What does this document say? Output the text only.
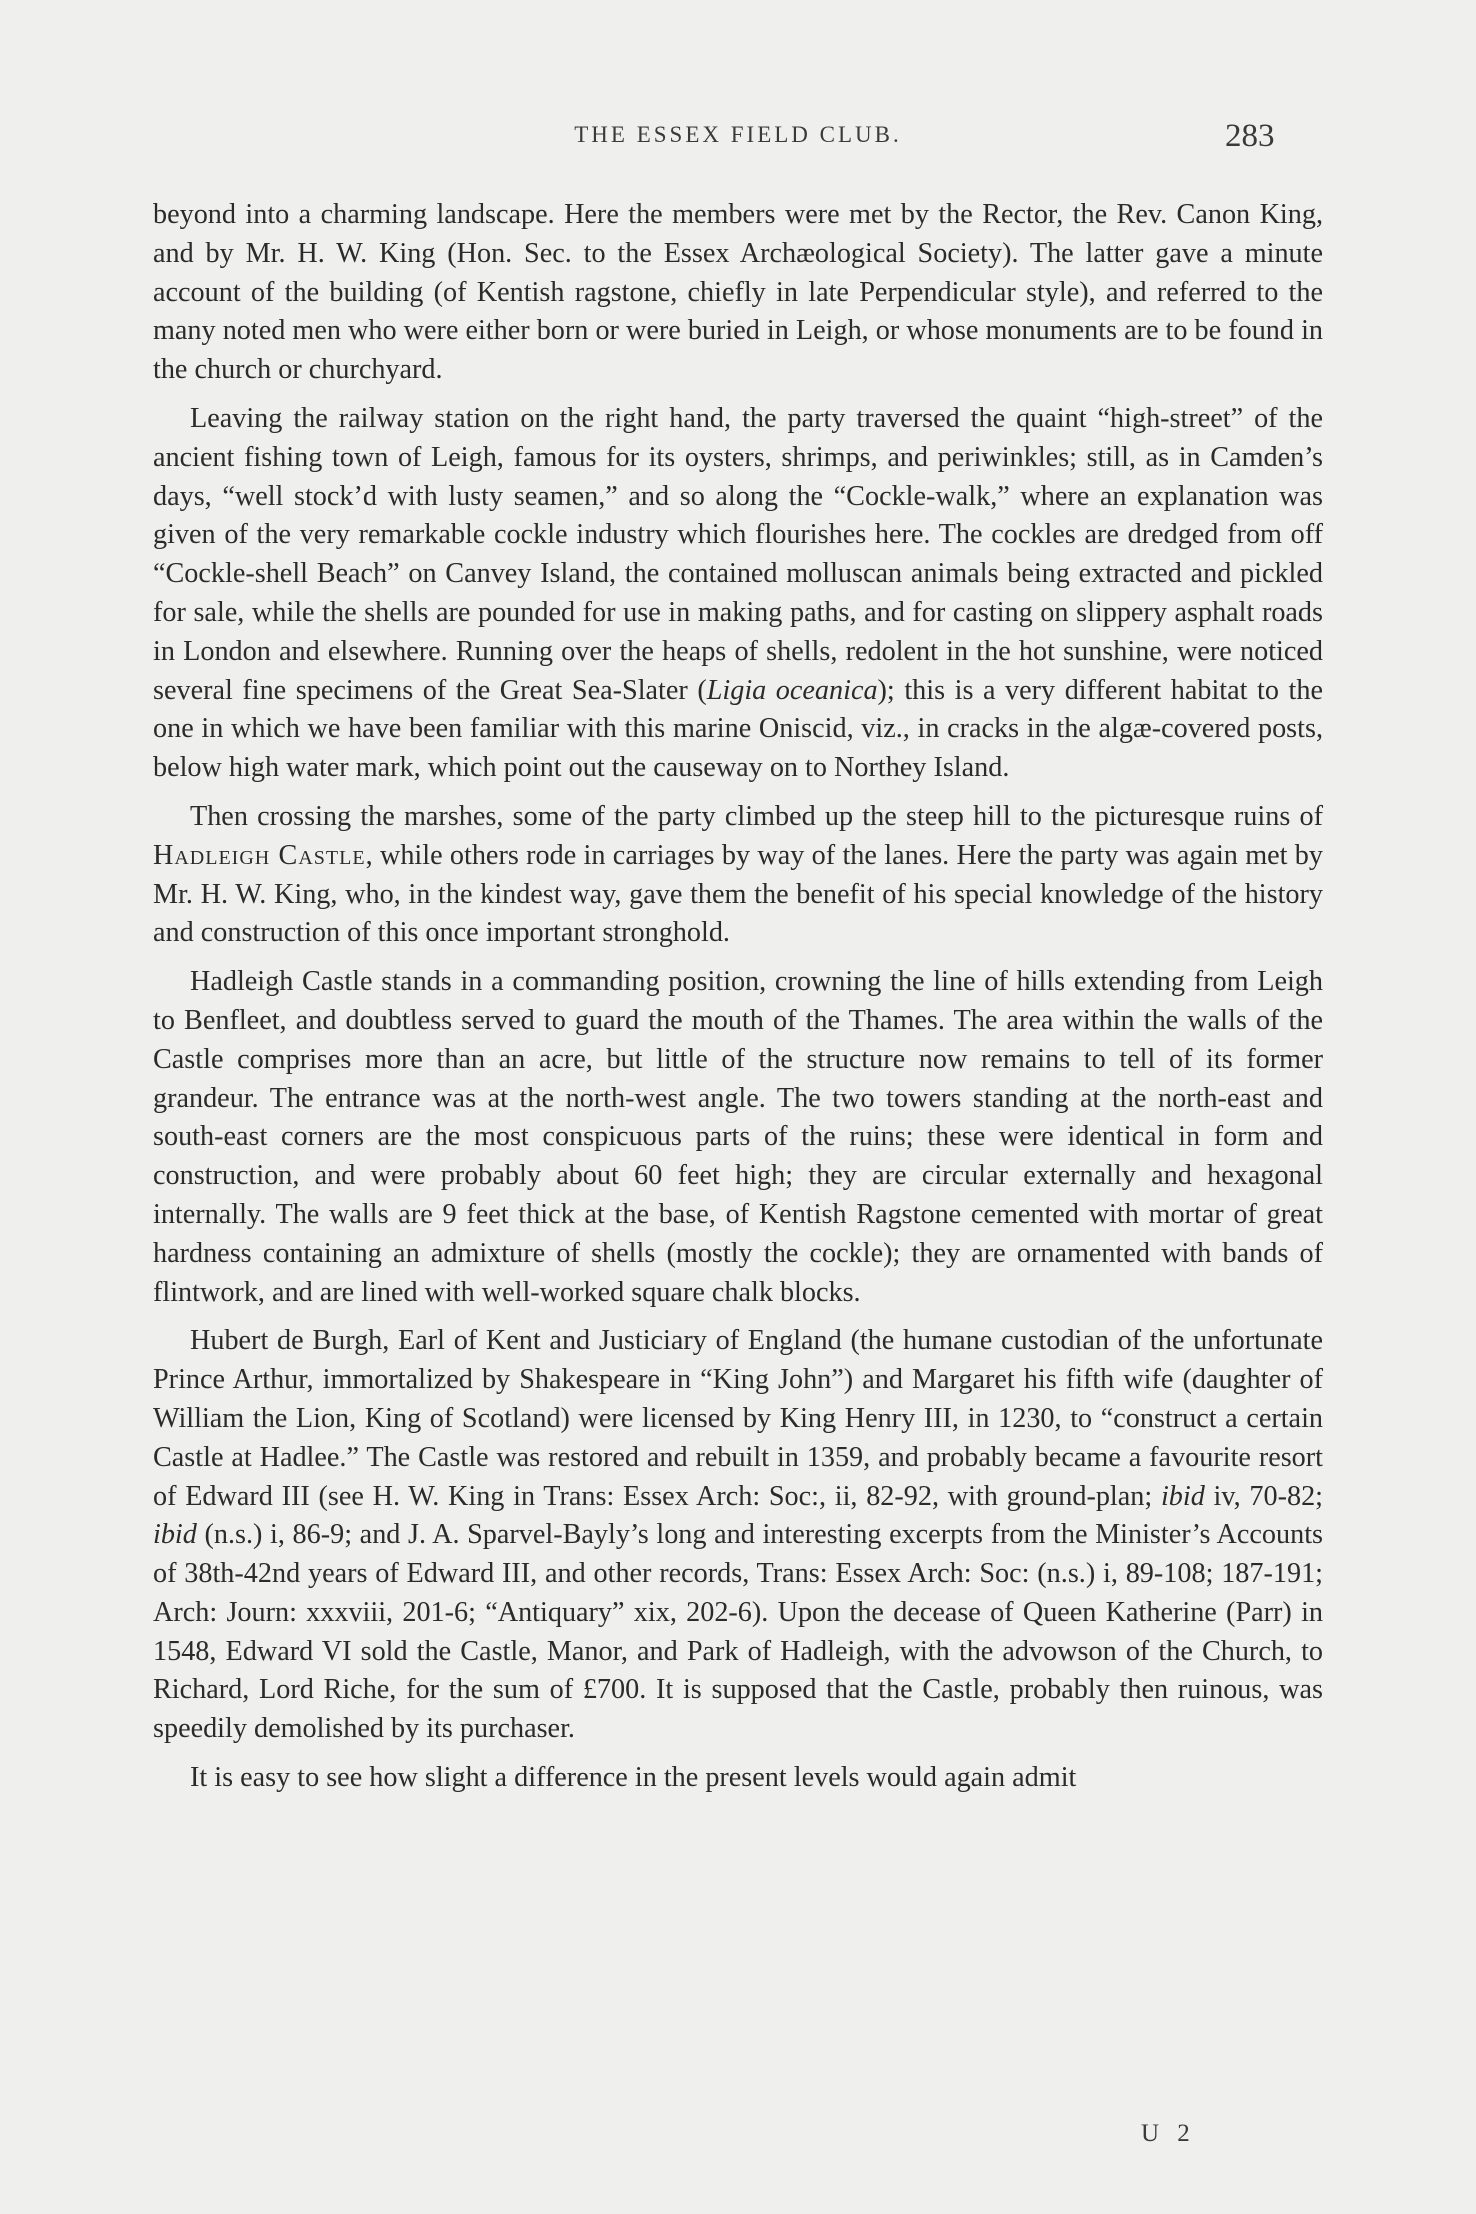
THE ESSEX FIELD CLUB.	283

beyond into a charming landscape. Here the members were met by the Rector, the Rev. Canon King, and by Mr. H. W. King (Hon. Sec. to the Essex Archæological Society). The latter gave a minute account of the building (of Kentish ragstone, chiefly in late Perpendicular style), and referred to the many noted men who were either born or were buried in Leigh, or whose monuments are to be found in the church or churchyard.

Leaving the railway station on the right hand, the party traversed the quaint “high-street” of the ancient fishing town of Leigh, famous for its oysters, shrimps, and periwinkles; still, as in Camden’s days, “well stock’d with lusty seamen,” and so along the “Cockle-walk,” where an explanation was given of the very remarkable cockle industry which flourishes here. The cockles are dredged from off “Cockle-shell Beach” on Canvey Island, the contained molluscan animals being extracted and pickled for sale, while the shells are pounded for use in making paths, and for casting on slippery asphalt roads in London and elsewhere. Running over the heaps of shells, redolent in the hot sunshine, were noticed several fine specimens of the Great Sea-Slater (Ligia oceanica); this is a very different habitat to the one in which we have been familiar with this marine Oniscid, viz., in cracks in the algæ-covered posts, below high water mark, which point out the causeway on to Northey Island.

Then crossing the marshes, some of the party climbed up the steep hill to the picturesque ruins of Hadleigh Castle, while others rode in carriages by way of the lanes. Here the party was again met by Mr. H. W. King, who, in the kindest way, gave them the benefit of his special knowledge of the history and construction of this once important stronghold.

Hadleigh Castle stands in a commanding position, crowning the line of hills extending from Leigh to Benfleet, and doubtless served to guard the mouth of the Thames. The area within the walls of the Castle comprises more than an acre, but little of the structure now remains to tell of its former grandeur. The entrance was at the north-west angle. The two towers standing at the north-east and south-east corners are the most conspicuous parts of the ruins; these were identical in form and construction, and were probably about 60 feet high; they are circular externally and hexagonal internally. The walls are 9 feet thick at the base, of Kentish Ragstone cemented with mortar of great hardness containing an admixture of shells (mostly the cockle); they are ornamented with bands of flintwork, and are lined with well-worked square chalk blocks.

Hubert de Burgh, Earl of Kent and Justiciary of England (the humane custodian of the unfortunate Prince Arthur, immortalized by Shakespeare in “King John”) and Margaret his fifth wife (daughter of William the Lion, King of Scotland) were licensed by King Henry III, in 1230, to “construct a certain Castle at Hadlee.” The Castle was restored and rebuilt in 1359, and probably became a favourite resort of Edward III (see H. W. King in Trans: Essex Arch: Soc:, ii, 82-92, with ground-plan; ibid iv, 70-82; ibid (n.s.) i, 86-9; and J. A. Sparvel-Bayly’s long and interesting excerpts from the Minister’s Accounts of 38th-42nd years of Edward III, and other records, Trans: Essex Arch: Soc: (n.s.) i, 89-108; 187-191; Arch: Journ: xxxviii, 201-6; “Antiquary” xix, 202-6). Upon the decease of Queen Katherine (Parr) in 1548, Edward VI sold the Castle, Manor, and Park of Hadleigh, with the advowson of the Church, to Richard, Lord Riche, for the sum of £700. It is supposed that the Castle, probably then ruinous, was speedily demolished by its purchaser.

It is easy to see how slight a difference in the present levels would again admit

U 2
